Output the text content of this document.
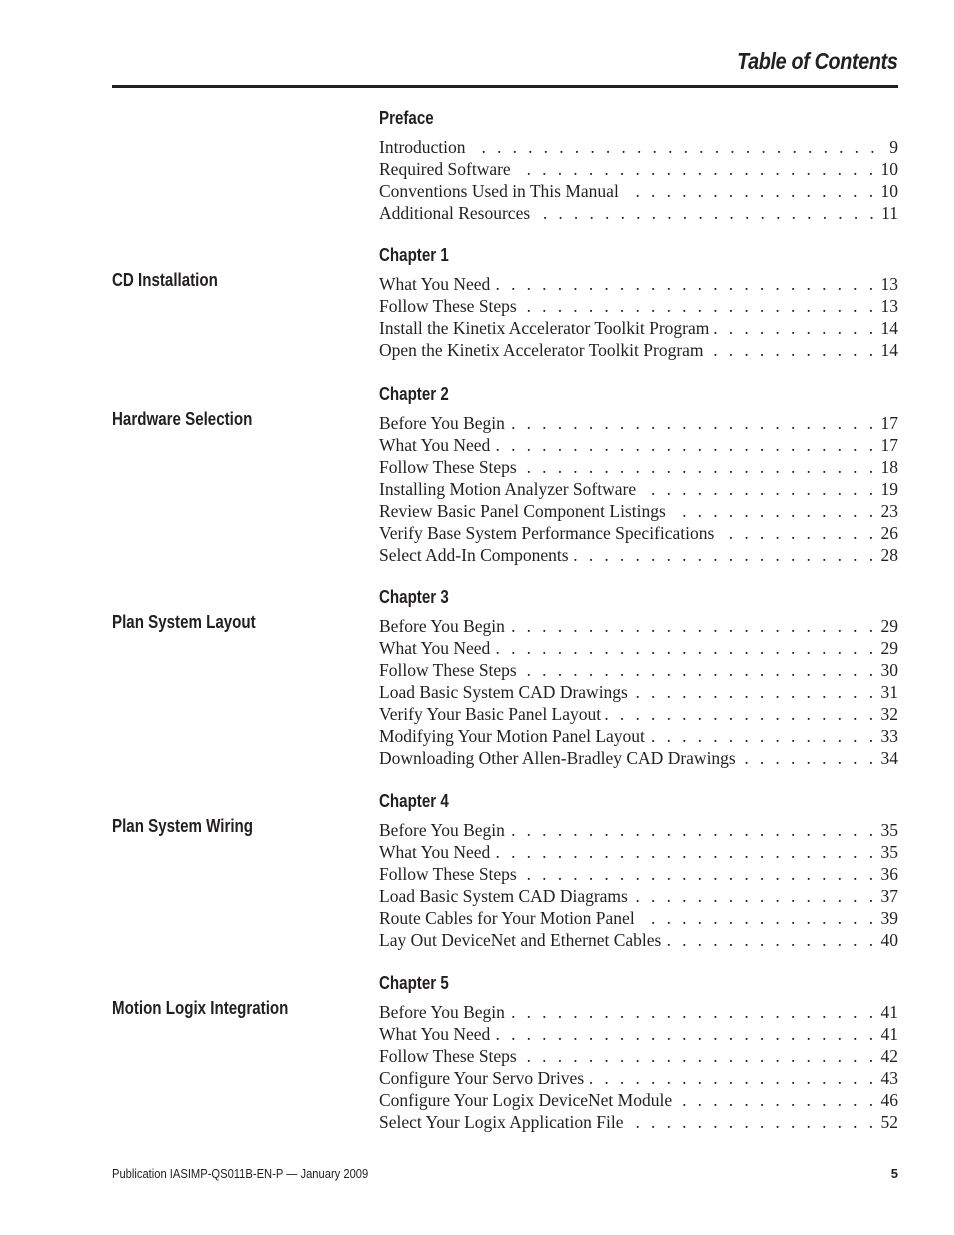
Table of Contents
Preface
Introduction . . .	9
Required Software . . .	10
Conventions Used in This Manual . . .	10
Additional Resources . . .	11
Chapter 1
CD Installation	What You Need . . .	13
Follow These Steps . . .	13
Install the Kinetix Accelerator Toolkit Program . . .	14
Open the Kinetix Accelerator Toolkit Program . . .	14
Chapter 2
Hardware Selection	Before You Begin . . .	17
What You Need . . .	17
Follow These Steps . . .	18
Installing Motion Analyzer Software . . .	19
Review Basic Panel Component Listings . . .	23
Verify Base System Performance Specifications . . .	26
Select Add-In Components . . .	28
Chapter 3
Plan System Layout	Before You Begin . . .	29
What You Need . . .	29
Follow These Steps . . .	30
Load Basic System CAD Drawings . . .	31
Verify Your Basic Panel Layout . . .	32
Modifying Your Motion Panel Layout . . .	33
Downloading Other Allen-Bradley CAD Drawings . . .	34
Chapter 4
Plan System Wiring	Before You Begin . . .	35
What You Need . . .	35
Follow These Steps . . .	36
Load Basic System CAD Diagrams . . .	37
Route Cables for Your Motion Panel . . .	39
Lay Out DeviceNet and Ethernet Cables . . .	40
Chapter 5
Motion Logix Integration	Before You Begin . . .	41
What You Need . . .	41
Follow These Steps . . .	42
Configure Your Servo Drives . . .	43
Configure Your Logix DeviceNet Module . . .	46
Select Your Logix Application File . . .	52
Publication IASIMP-QS011B-EN-P — January 2009	5
